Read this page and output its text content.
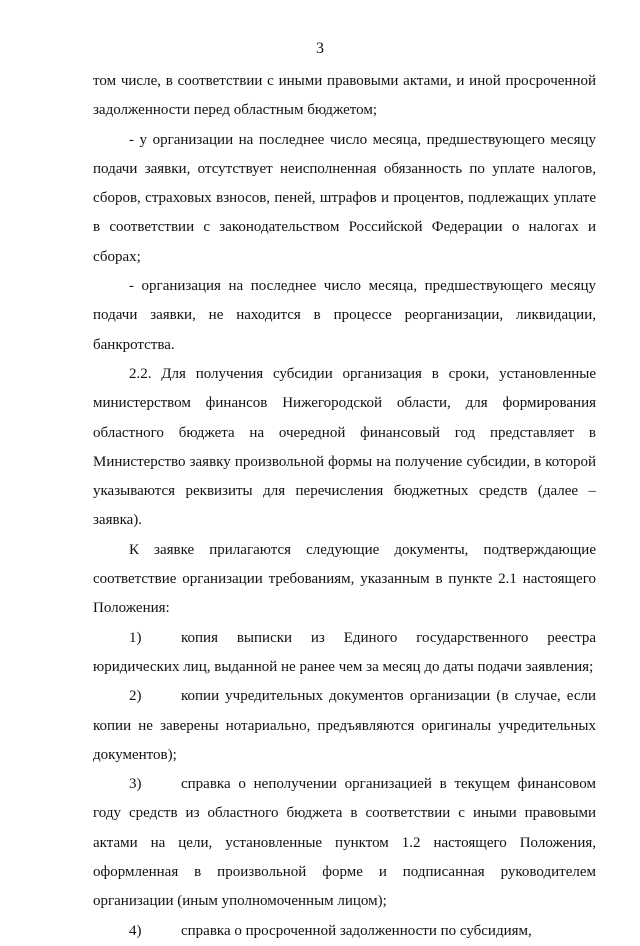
3

том числе, в соответствии с иными правовыми актами, и иной просроченной задолженности перед областным бюджетом;

- у организации на последнее число месяца, предшествующего месяцу подачи заявки, отсутствует неисполненная обязанность по уплате налогов, сборов, страховых взносов, пеней, штрафов и процентов, подлежащих уплате в соответствии с законодательством Российской Федерации о налогах и сборах;

- организация на последнее число месяца, предшествующего месяцу подачи заявки, не находится в процессе реорганизации, ликвидации, банкротства.

2.2. Для получения субсидии организация в сроки, установленные министерством финансов Нижегородской области, для формирования областного бюджета на очередной финансовый год представляет в Министерство заявку произвольной формы на получение субсидии, в которой указываются реквизиты для перечисления бюджетных средств (далее – заявка).

К заявке прилагаются следующие документы, подтверждающие соответствие организации требованиям, указанным в пункте 2.1 настоящего Положения:

1)	копия выписки из Единого государственного реестра юридических лиц, выданной не ранее чем за месяц до даты подачи заявления;

2)	копии учредительных документов организации (в случае, если копии не заверены нотариально, предъявляются оригиналы учредительных документов);

3)	справка о неполучении организацией в текущем финансовом году средств из областного бюджета в соответствии с иными правовыми актами на цели, установленные пунктом 1.2 настоящего Положения, оформленная в произвольной форме и подписанная руководителем организации (иным уполномоченным лицом);

4)	справка о просроченной задолженности по субсидиям,
